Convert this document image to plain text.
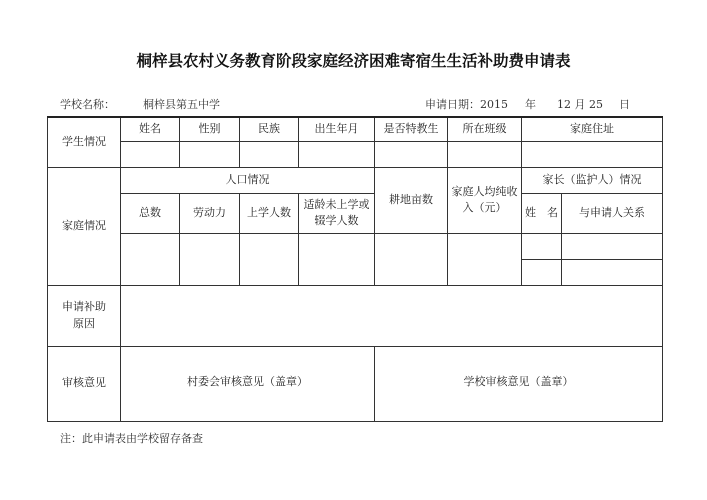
桐梓县农村义务教育阶段家庭经济困难寄宿生生活补助费申请表
学校名称：	桐梓县第五中学	申请日期：2015 年 12 月 25 日
学生情况	姓名	性别	民族	出生年月	是否特教生	所在班级	家庭住址	

家庭情况	人口情况				耕地亩数	家庭人均纯收入（元）	家长（监护人）情况	
	总数	劳动力	上学人数	适龄未上学或辍学人数			姓　名	与申请人关系

申请补助原因								
审核意见	村委会审核意见（盖章）				学校审核意见（盖章）			
注：此申请表由学校留存备查
